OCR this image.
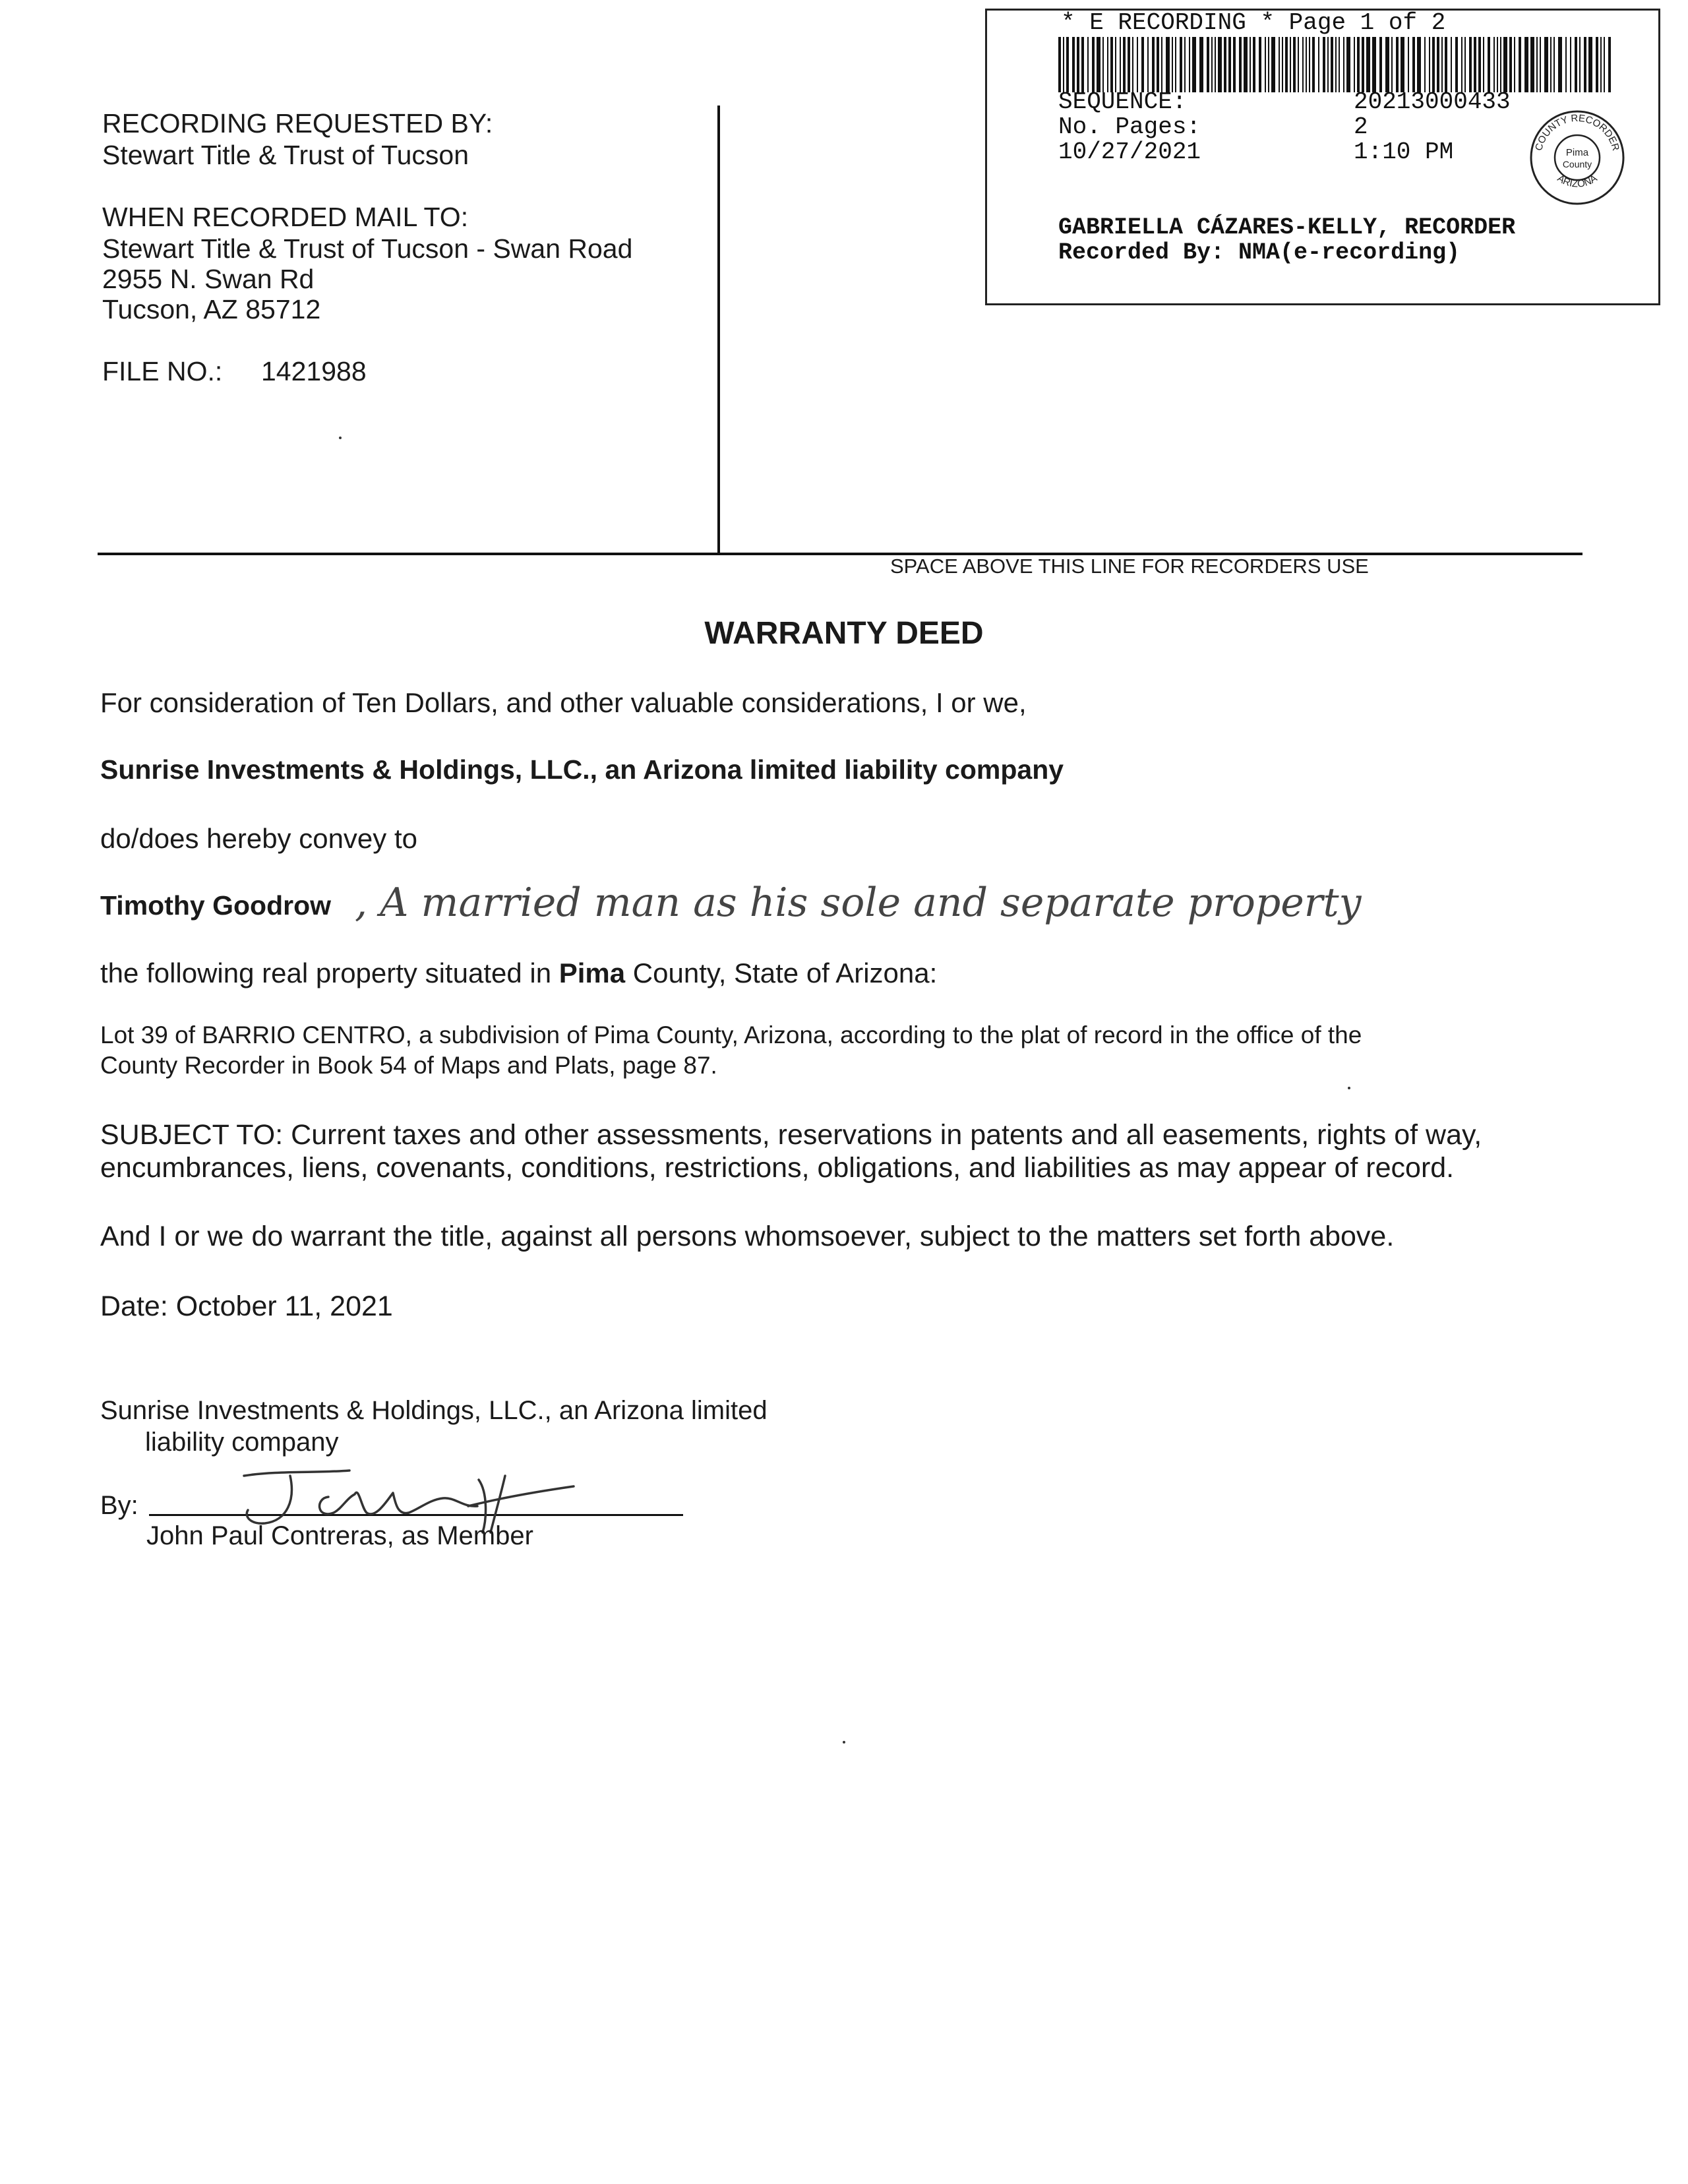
* E RECORDING * Page 1 of 2
SEQUENCE:	20213000433
No. Pages:	2
10/27/2021	1:10 PM	COUNTY RECORDER
Pima
County
ARIZONA
GABRIELLA CÁZARES-KELLY, RECORDER
Recorded By: NMA(e-recording)
RECORDING REQUESTED BY:
Stewart Title & Trust of Tucson
WHEN RECORDED MAIL TO:
Stewart Title & Trust of Tucson - Swan Road
2955 N. Swan Rd
Tucson, AZ 85712
FILE NO.: 1421988
SPACE ABOVE THIS LINE FOR RECORDERS USE
WARRANTY DEED
For consideration of Ten Dollars, and other valuable considerations, I or we,
Sunrise Investments & Holdings, LLC., an Arizona limited liability company
do/does hereby convey to
Timothy Goodrow , A married man as his sole and separate property
the following real property situated in Pima County, State of Arizona:
Lot 39 of BARRIO CENTRO, a subdivision of Pima County, Arizona, according to the plat of record in the office of the
County Recorder in Book 54 of Maps and Plats, page 87.
SUBJECT TO: Current taxes and other assessments, reservations in patents and all easements, rights of way,
encumbrances, liens, covenants, conditions, restrictions, obligations, and liabilities as may appear of record.
And I or we do warrant the title, against all persons whomsoever, subject to the matters set forth above.
Date: October 11, 2021
Sunrise Investments & Holdings, LLC., an Arizona limited
liability company
By:
John Paul Contreras, as Member
